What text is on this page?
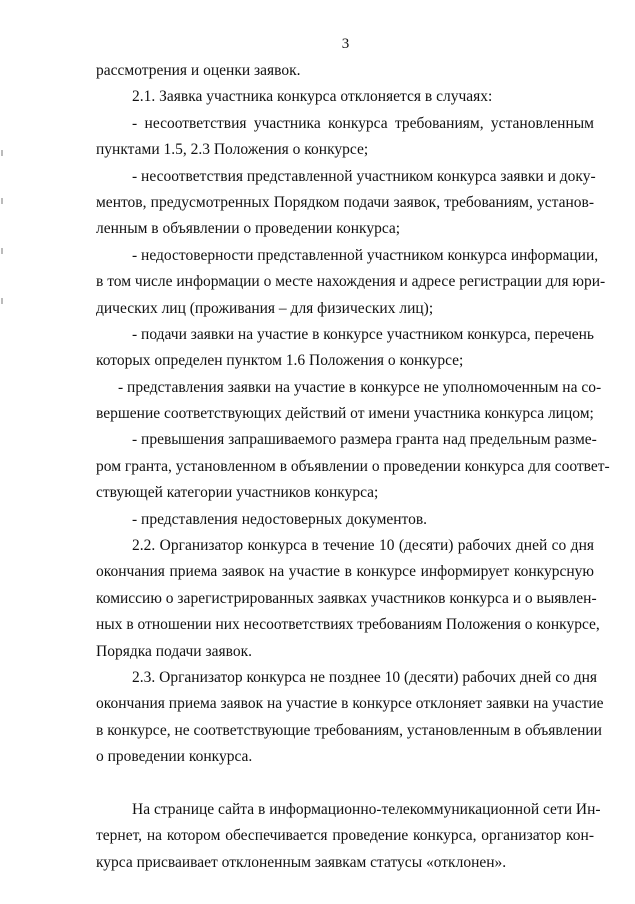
3
рассмотрения и оценки заявок.
2.1. Заявка участника конкурса отклоняется в случаях:
- несоответствия участника конкурса требованиям, установленным
пунктами 1.5, 2.3 Положения о конкурсе;
- несоответствия представленной участником конкурса заявки и доку-
ментов, предусмотренных Порядком подачи заявок, требованиям, установ-
ленным в объявлении о проведении конкурса;
- недостоверности представленной участником конкурса информации,
в том числе информации о месте нахождения и адресе регистрации для юри-
дических лиц (проживания – для физических лиц);
- подачи заявки на участие в конкурсе участником конкурса, перечень
которых определен пунктом 1.6 Положения о конкурсе;
- представления заявки на участие в конкурсе не уполномоченным на со-
вершение соответствующих действий от имени участника конкурса лицом;
- превышения запрашиваемого размера гранта над предельным разме-
ром гранта, установленном в объявлении о проведении конкурса для соответ-
ствующей категории участников конкурса;
- представления недостоверных документов.
2.2. Организатор конкурса в течение 10 (десяти) рабочих дней со дня
окончания приема заявок на участие в конкурсе информирует конкурсную
комиссию о зарегистрированных заявках участников конкурса и о выявлен-
ных в отношении них несоответствиях требованиям Положения о конкурсе,
Порядка подачи заявок.
2.3. Организатор конкурса не позднее 10 (десяти) рабочих дней со дня
окончания приема заявок на участие в конкурсе отклоняет заявки на участие
в конкурсе, не соответствующие требованиям, установленным в объявлении
о проведении конкурса.
На странице сайта в информационно-телекоммуникационной сети Ин-
тернет, на котором обеспечивается проведение конкурса, организатор кон-
курса присваивает отклоненным заявкам статусы «отклонен».
